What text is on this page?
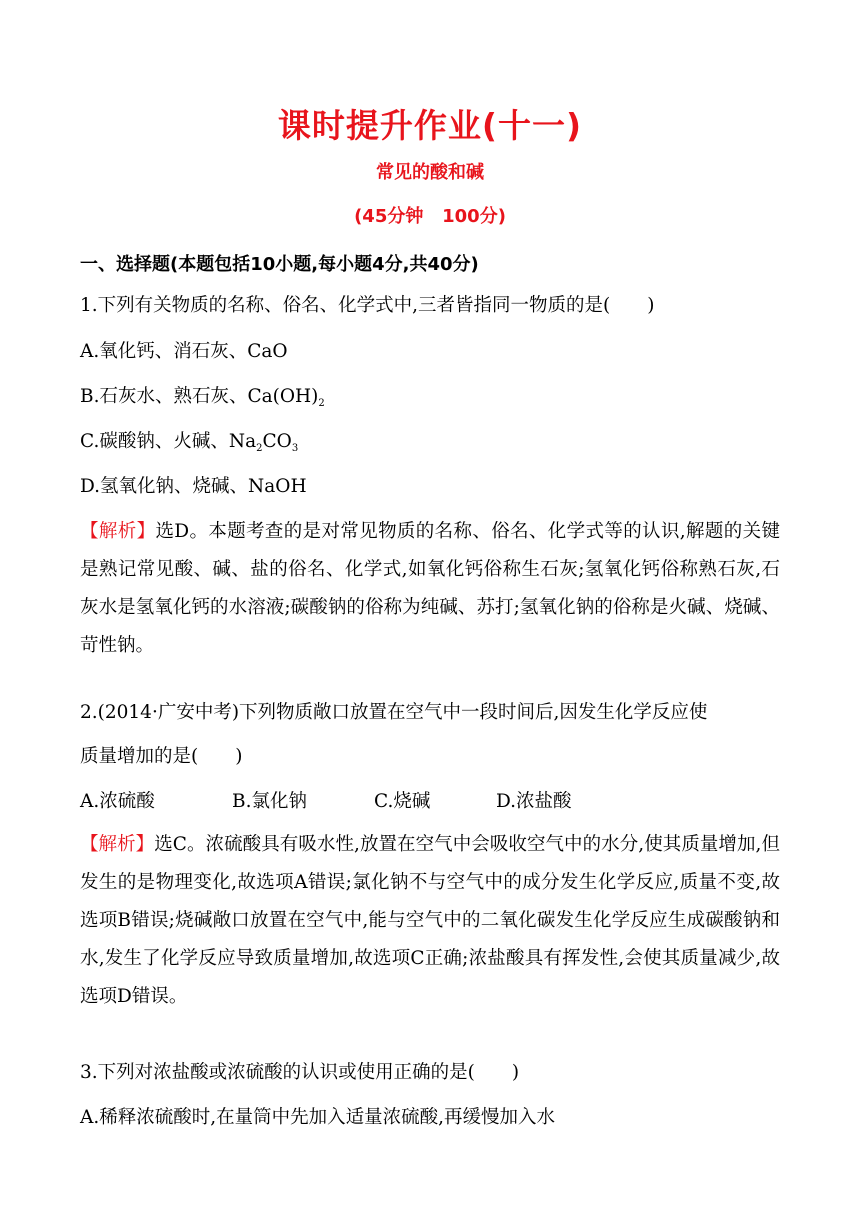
课时提升作业(十一)
常见的酸和碱
(45分钟   100分)
一、选择题(本题包括10小题,每小题4分,共40分)
1.下列有关物质的名称、俗名、化学式中,三者皆指同一物质的是(　　)
A.氧化钙、消石灰、CaO
B.石灰水、熟石灰、$Ca(OH)_2$
C.碳酸钠、火碱、$Na_2CO_3$
D.氢氧化钠、烧碱、NaOH
【解析】选D。本题考查的是对常见物质的名称、俗名、化学式等的认识,解题的关键是熟记常见酸、碱、盐的俗名、化学式,如氧化钙俗称生石灰;氢氧化钙俗称熟石灰,石灰水是氢氧化钙的水溶液;碳酸钠的俗称为纯碱、苏打;氢氧化钠的俗称是火碱、烧碱、苛性钠。
2.(2014·广安中考)下列物质敞口放置在空气中一段时间后,因发生化学反应使
质量增加的是(　　)
A.浓硫酸	B.氯化钠	C.烧碱	D.浓盐酸
【解析】选C。浓硫酸具有吸水性,放置在空气中会吸收空气中的水分,使其质量增加,但发生的是物理变化,故选项A错误;氯化钠不与空气中的成分发生化学反应,质量不变,故选项B错误;烧碱敞口放置在空气中,能与空气中的二氧化碳发生化学反应生成碳酸钠和水,发生了化学反应导致质量增加,故选项C正确;浓盐酸具有挥发性,会使其质量减少,故选项D错误。
3.下列对浓盐酸或浓硫酸的认识或使用正确的是(　　)
A.稀释浓硫酸时,在量筒中先加入适量浓硫酸,再缓慢加入水
